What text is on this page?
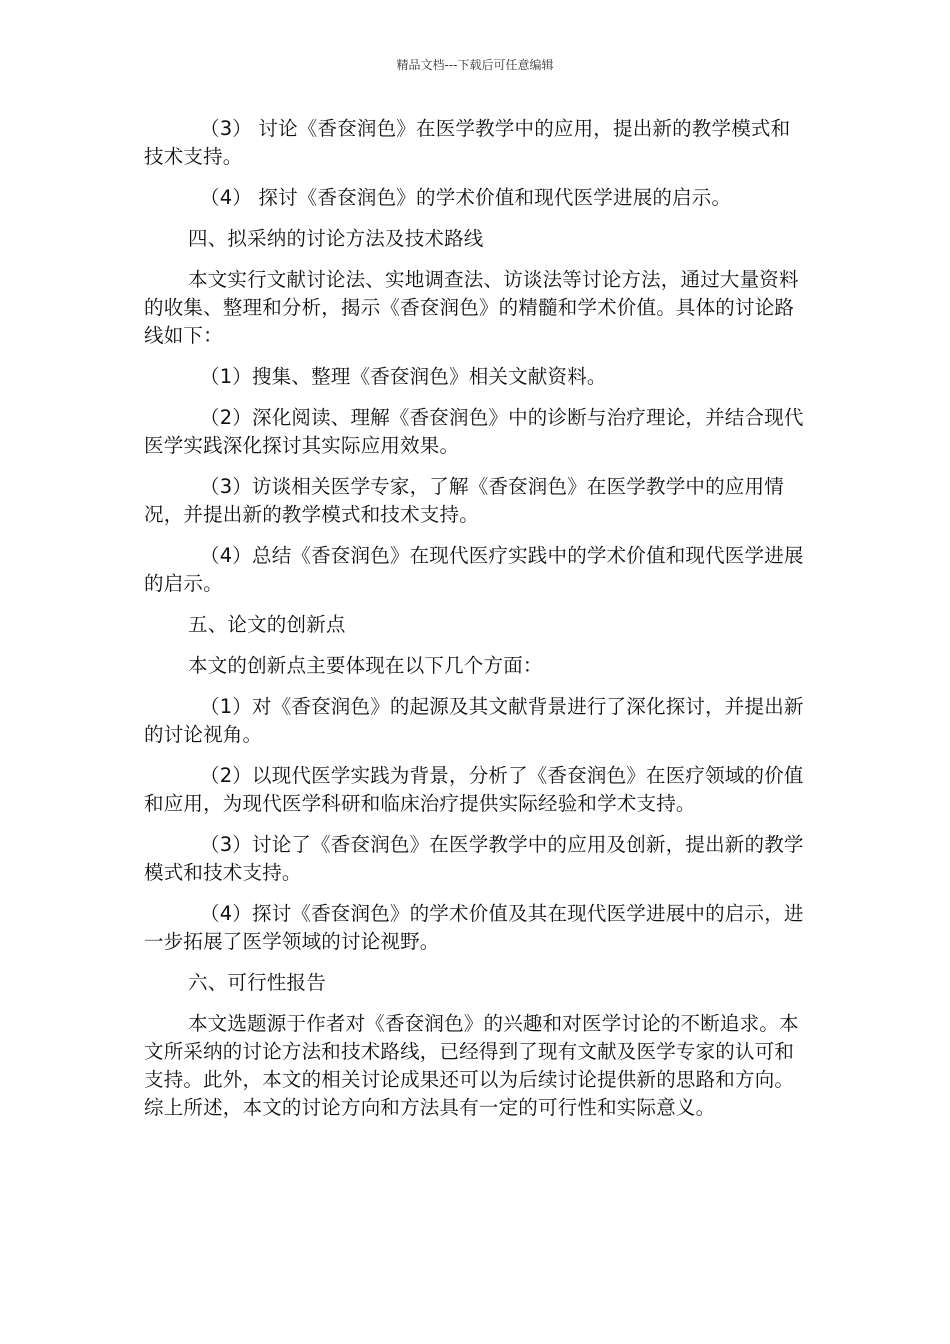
精品文档---下载后可任意编辑

（3） 讨论《香奁润色》在医学教学中的应用，提出新的教学模式和技术支持。

（4） 探讨《香奁润色》的学术价值和现代医学进展的启示。

四、拟采纳的讨论方法及技术路线

本文实行文献讨论法、实地调查法、访谈法等讨论方法，通过大量资料的收集、整理和分析，揭示《香奁润色》的精髓和学术价值。具体的讨论路线如下：

（1）搜集、整理《香奁润色》相关文献资料。

（2）深化阅读、理解《香奁润色》中的诊断与治疗理论，并结合现代医学实践深化探讨其实际应用效果。

（3）访谈相关医学专家，了解《香奁润色》在医学教学中的应用情况，并提出新的教学模式和技术支持。

（4）总结《香奁润色》在现代医疗实践中的学术价值和现代医学进展的启示。

五、论文的创新点

本文的创新点主要体现在以下几个方面：

（1）对《香奁润色》的起源及其文献背景进行了深化探讨，并提出新的讨论视角。

（2）以现代医学实践为背景，分析了《香奁润色》在医疗领域的价值和应用，为现代医学科研和临床治疗提供实际经验和学术支持。

（3）讨论了《香奁润色》在医学教学中的应用及创新，提出新的教学模式和技术支持。

（4）探讨《香奁润色》的学术价值及其在现代医学进展中的启示，进一步拓展了医学领域的讨论视野。

六、可行性报告

本文选题源于作者对《香奁润色》的兴趣和对医学讨论的不断追求。本文所采纳的讨论方法和技术路线，已经得到了现有文献及医学专家的认可和支持。此外，本文的相关讨论成果还可以为后续讨论提供新的思路和方向。综上所述，本文的讨论方向和方法具有一定的可行性和实际意义。
